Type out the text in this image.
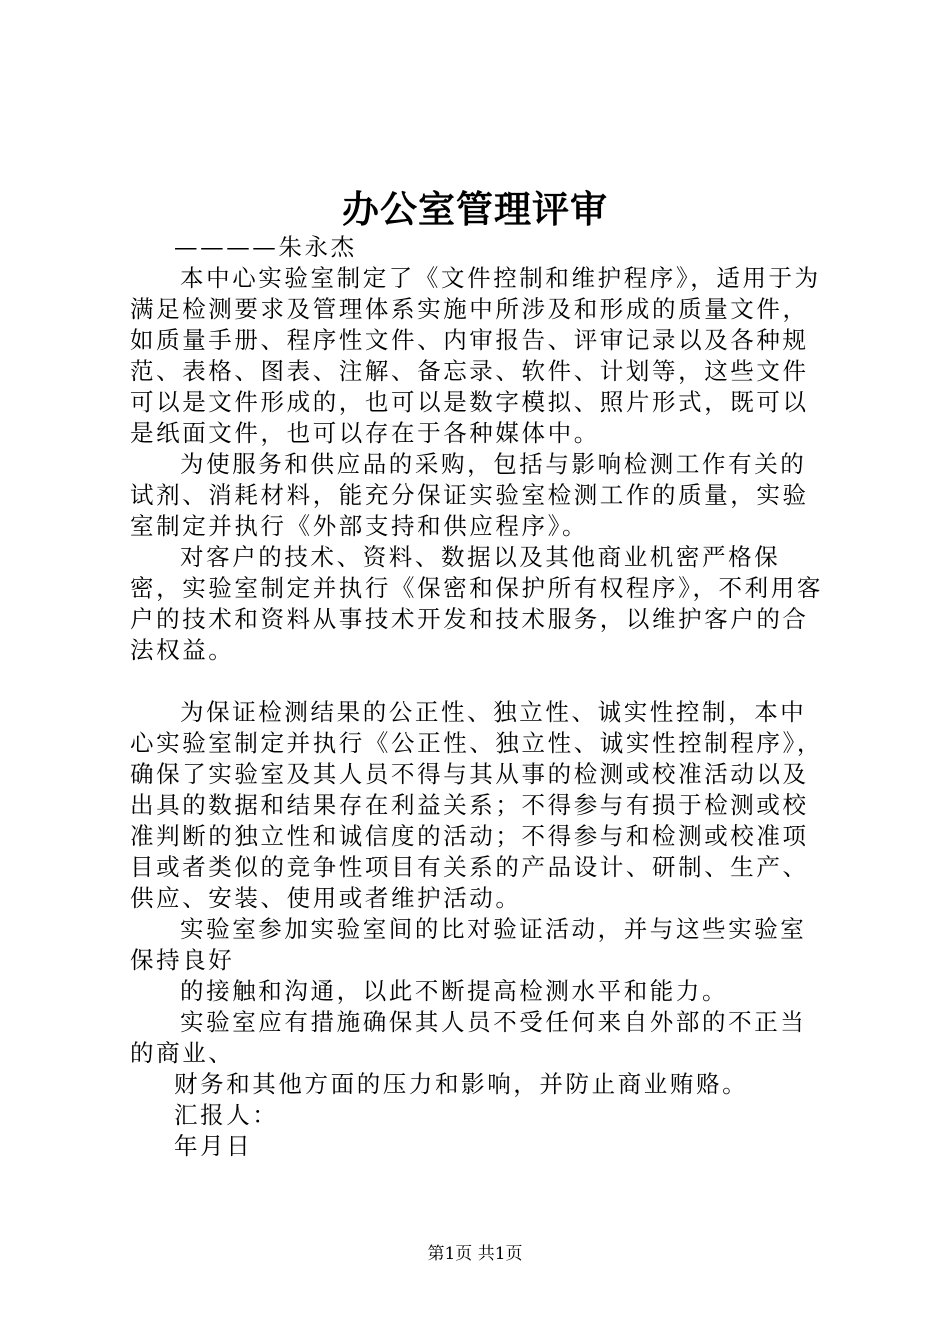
办公室管理评审

————朱永杰

本中心实验室制定了《文件控制和维护程序》，适用于为满足检测要求及管理体系实施中所涉及和形成的质量文件，如质量手册、程序性文件、内审报告、评审记录以及各种规范、表格、图表、注解、备忘录、软件、计划等，这些文件可以是文件形成的，也可以是数字模拟、照片形式，既可以是纸面文件，也可以存在于各种媒体中。

为使服务和供应品的采购，包括与影响检测工作有关的试剂、消耗材料，能充分保证实验室检测工作的质量，实验室制定并执行《外部支持和供应程序》。

对客户的技术、资料、数据以及其他商业机密严格保密，实验室制定并执行《保密和保护所有权程序》，不利用客户的技术和资料从事技术开发和技术服务，以维护客户的合法权益。

为保证检测结果的公正性、独立性、诚实性控制，本中心实验室制定并执行《公正性、独立性、诚实性控制程序》，确保了实验室及其人员不得与其从事的检测或校准活动以及出具的数据和结果存在利益关系；不得参与有损于检测或校准判断的独立性和诚信度的活动；不得参与和检测或校准项目或者类似的竞争性项目有关系的产品设计、研制、生产、供应、安装、使用或者维护活动。

实验室参加实验室间的比对验证活动，并与这些实验室保持良好

的接触和沟通，以此不断提高检测水平和能力。

实验室应有措施确保其人员不受任何来自外部的不正当的商业、

财务和其他方面的压力和影响，并防止商业贿赂。

汇报人：

年月日

第1页 共1页
